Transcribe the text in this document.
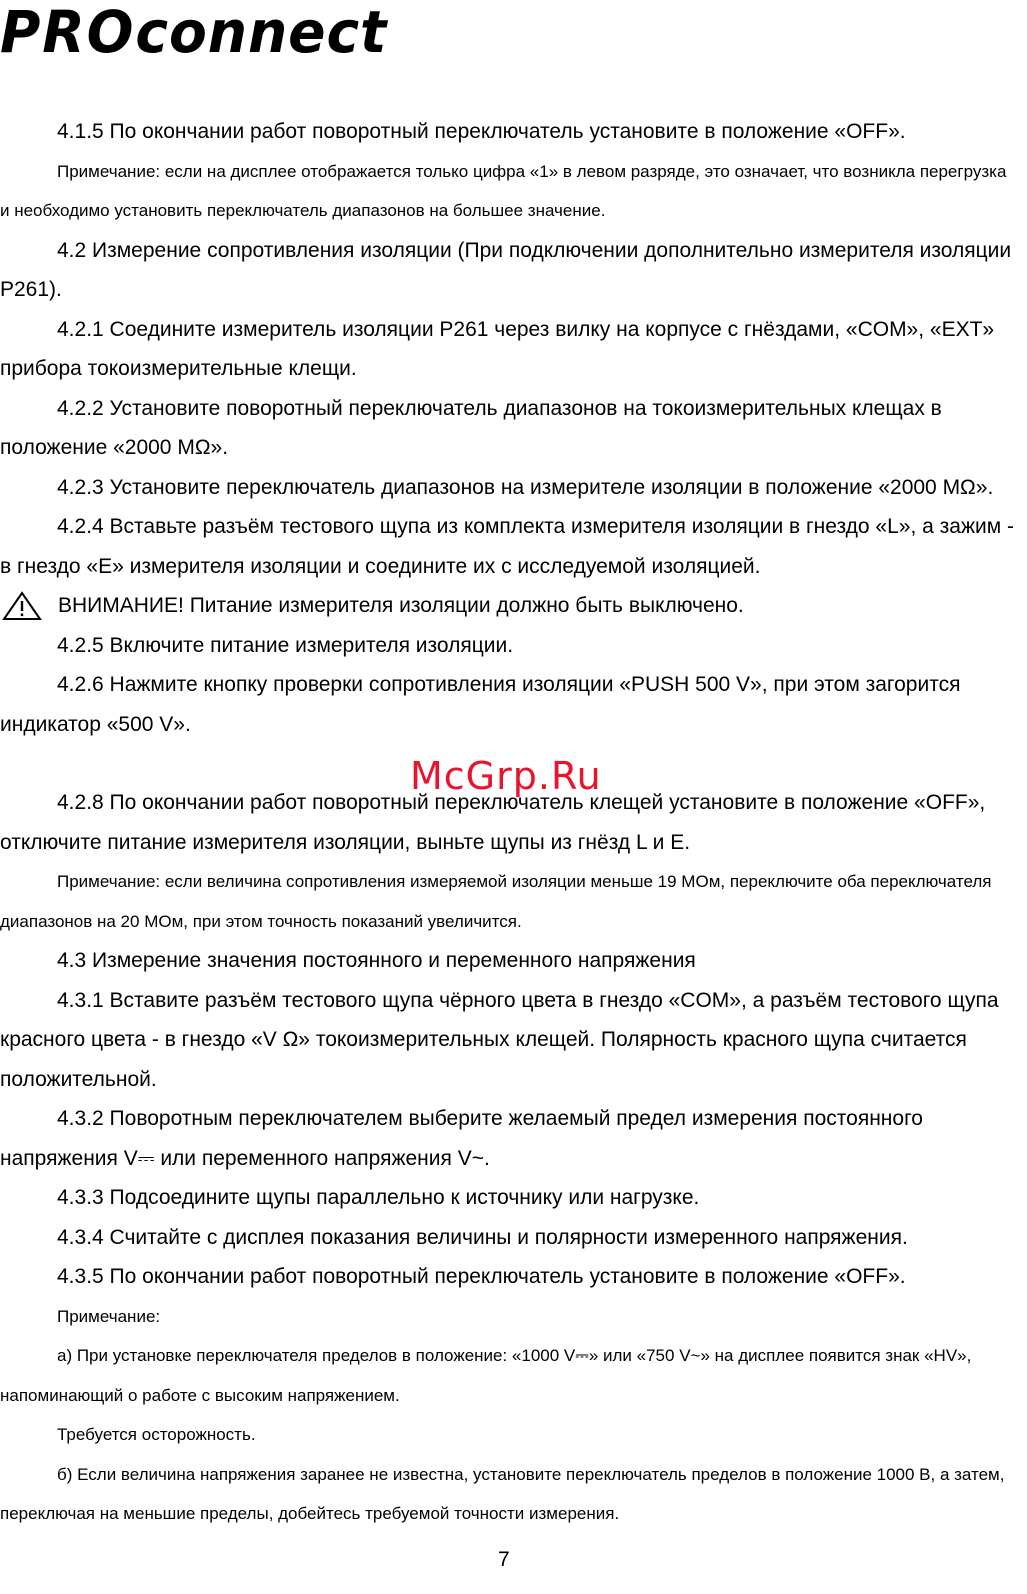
PROconnect

4.1.5 По окончании работ поворотный переключатель установите в положение «OFF».

Примечание: если на дисплее отображается только цифра «1» в левом разряде, это означает, что возникла перегрузка и необходимо установить переключатель диапазонов на большее значение.

4.2 Измерение сопротивления изоляции (При подключении дополнительно измерителя изоляции P261).

4.2.1 Соедините измеритель изоляции P261 через вилку на корпусе с гнёздами, «COM», «EXT» прибора токоизмерительные клещи.

4.2.2 Установите поворотный переключатель диапазонов на токоизмерительных клещах в положение «2000 MΩ».

4.2.3 Установите переключатель диапазонов на измерителе изоляции в положение «2000 MΩ».

4.2.4 Вставьте разъём тестового щупа из комплекта измерителя изоляции в гнездо «L», а зажим - в гнездо «E» измерителя изоляции и соедините их с исследуемой изоляцией.

ВНИМАНИЕ! Питание измерителя изоляции должно быть выключено.

4.2.5 Включите питание измерителя изоляции.

4.2.6 Нажмите кнопку проверки сопротивления изоляции «PUSH 500 V», при этом загорится индикатор «500 V».

4.2.8 По окончании работ поворотный переключатель клещей установите в положение «OFF», отключите питание измерителя изоляции, выньте щупы из гнёзд L и E.

Примечание: если величина сопротивления измеряемой изоляции меньше 19 МОм, переключите оба переключателя диапазонов на 20 МОм, при этом точность показаний увеличится.

4.3 Измерение значения постоянного и переменного напряжения

4.3.1 Вставите разъём тестового щупа чёрного цвета в гнездо «COM», а разъём тестового щупа красного цвета - в гнездо «V Ω» токоизмерительных клещей. Полярность красного щупа считается положительной.

4.3.2 Поворотным переключателем выберите желаемый предел измерения постоянного напряжения V⎓ или переменного напряжения V~.

4.3.3 Подсоедините щупы параллельно к источнику или нагрузке.

4.3.4 Считайте с дисплея показания величины и полярности измеренного напряжения.

4.3.5 По окончании работ поворотный переключатель установите в положение «OFF».

Примечание:

а) При установке переключателя пределов в положение: «1000 V⎓» или «750 V~» на дисплее появится знак «HV», напоминающий о работе с высоким напряжением.

Требуется осторожность.

б) Если величина напряжения заранее не известна, установите переключатель пределов в положение 1000 В, а затем, переключая на меньшие пределы, добейтесь требуемой точности измерения.

McGrp.Ru
7
